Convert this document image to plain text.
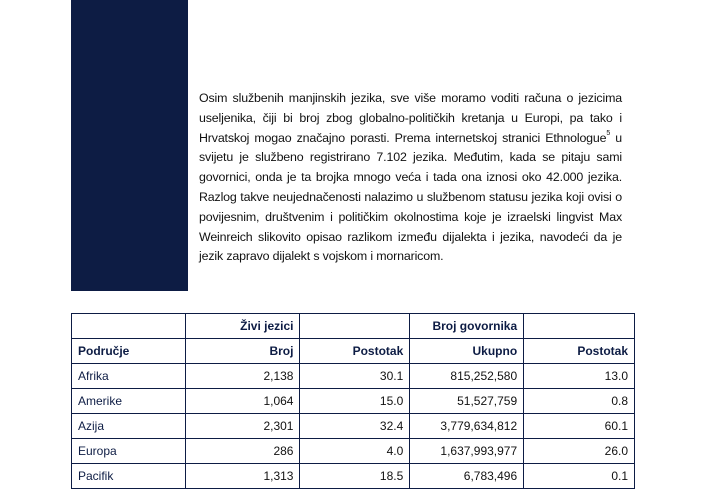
Osim službenih manjinskih jezika, sve više moramo voditi računa o jezicima useljenika, čiji bi broj zbog globalno-političkih kretanja u Europi, pa tako i Hrvatskoj mogao značajno porasti. Prema internetskoj stranici Ethnologue$^5$ u svijetu je službeno registrirano 7.102 jezika. Međutim, kada se pitaju sami govornici, onda je ta brojka mnogo veća i tada ona iznosi oko 42.000 jezika. Razlog takve neujednačenosti nalazimo u službenom statusu jezika koji ovisi o povijesnim, društvenim i političkim okolnostima koje je izraelski lingvist Max Weinreich slikovito opisao razlikom između dijalekta i jezika, navodeći da je jezik zapravo dijalekt s vojskom i mornaricom.

	Živi jezici		Broj govornika	
Područje	Broj	Postotak	Ukupno	Postotak
Afrika	2,138	30.1	815,252,580	13.0
Amerike	1,064	15.0	51,527,759	0.8
Azija	2,301	32.4	3,779,634,812	60.1
Europa	286	4.0	1,637,993,977	26.0
Pacifik	1,313	18.5	6,783,496	0.1
